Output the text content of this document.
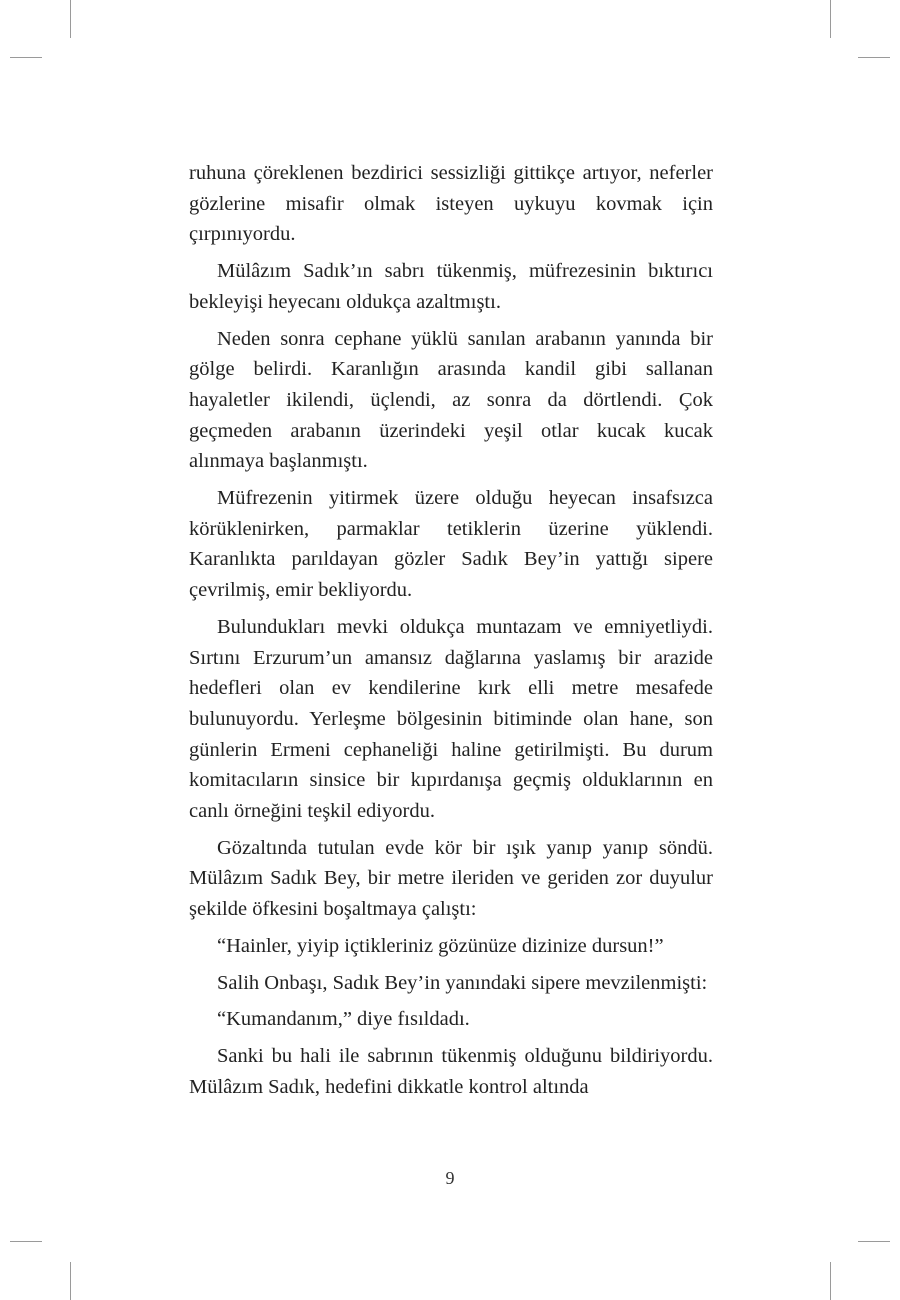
ruhuna çöreklenen bezdirici sessizliği gittikçe artıyor, neferler gözlerine misafir olmak isteyen uykuyu kovmak için çırpınıyordu.

Mülâzım Sadık’ın sabrı tükenmiş, müfrezesinin bıktırıcı bekleyişi heyecanı oldukça azaltmıştı.

Neden sonra cephane yüklü sanılan arabanın yanında bir gölge belirdi. Karanlığın arasında kandil gibi sallanan hayaletler ikilendi, üçlendi, az sonra da dörtlendi. Çok geçmeden arabanın üzerindeki yeşil otlar kucak kucak alınmaya başlanmıştı.

Müfrezenin yitirmek üzere olduğu heyecan insafsızca körüklenirken, parmaklar tetiklerin üzerine yüklendi. Karanlıkta parıldayan gözler Sadık Bey’in yattığı sipere çevrilmiş, emir bekliyordu.

Bulundukları mevki oldukça muntazam ve emniyetliydi. Sırtını Erzurum’un amansız dağlarına yaslamış bir arazide hedefleri olan ev kendilerine kırk elli metre mesafede bulunuyordu. Yerleşme bölgesinin bitiminde olan hane, son günlerin Ermeni cephaneliği haline getirilmişti. Bu durum komitacıların sinsice bir kıpırdanışa geçmiş olduklarının en canlı örneğini teşkil ediyordu.

Gözaltında tutulan evde kör bir ışık yanıp yanıp söndü. Mülâzım Sadık Bey, bir metre ileriden ve geriden zor duyulur şekilde öfkesini boşaltmaya çalıştı:

“Hainler, yiyip içtikleriniz gözünüze dizinize dursun!”

Salih Onbaşı, Sadık Bey’in yanındaki sipere mevzilenmişti:

“Kumandanım,” diye fısıldadı.

Sanki bu hali ile sabrının tükenmiş olduğunu bildiriyordu. Mülâzım Sadık, hedefini dikkatle kontrol altında

9
